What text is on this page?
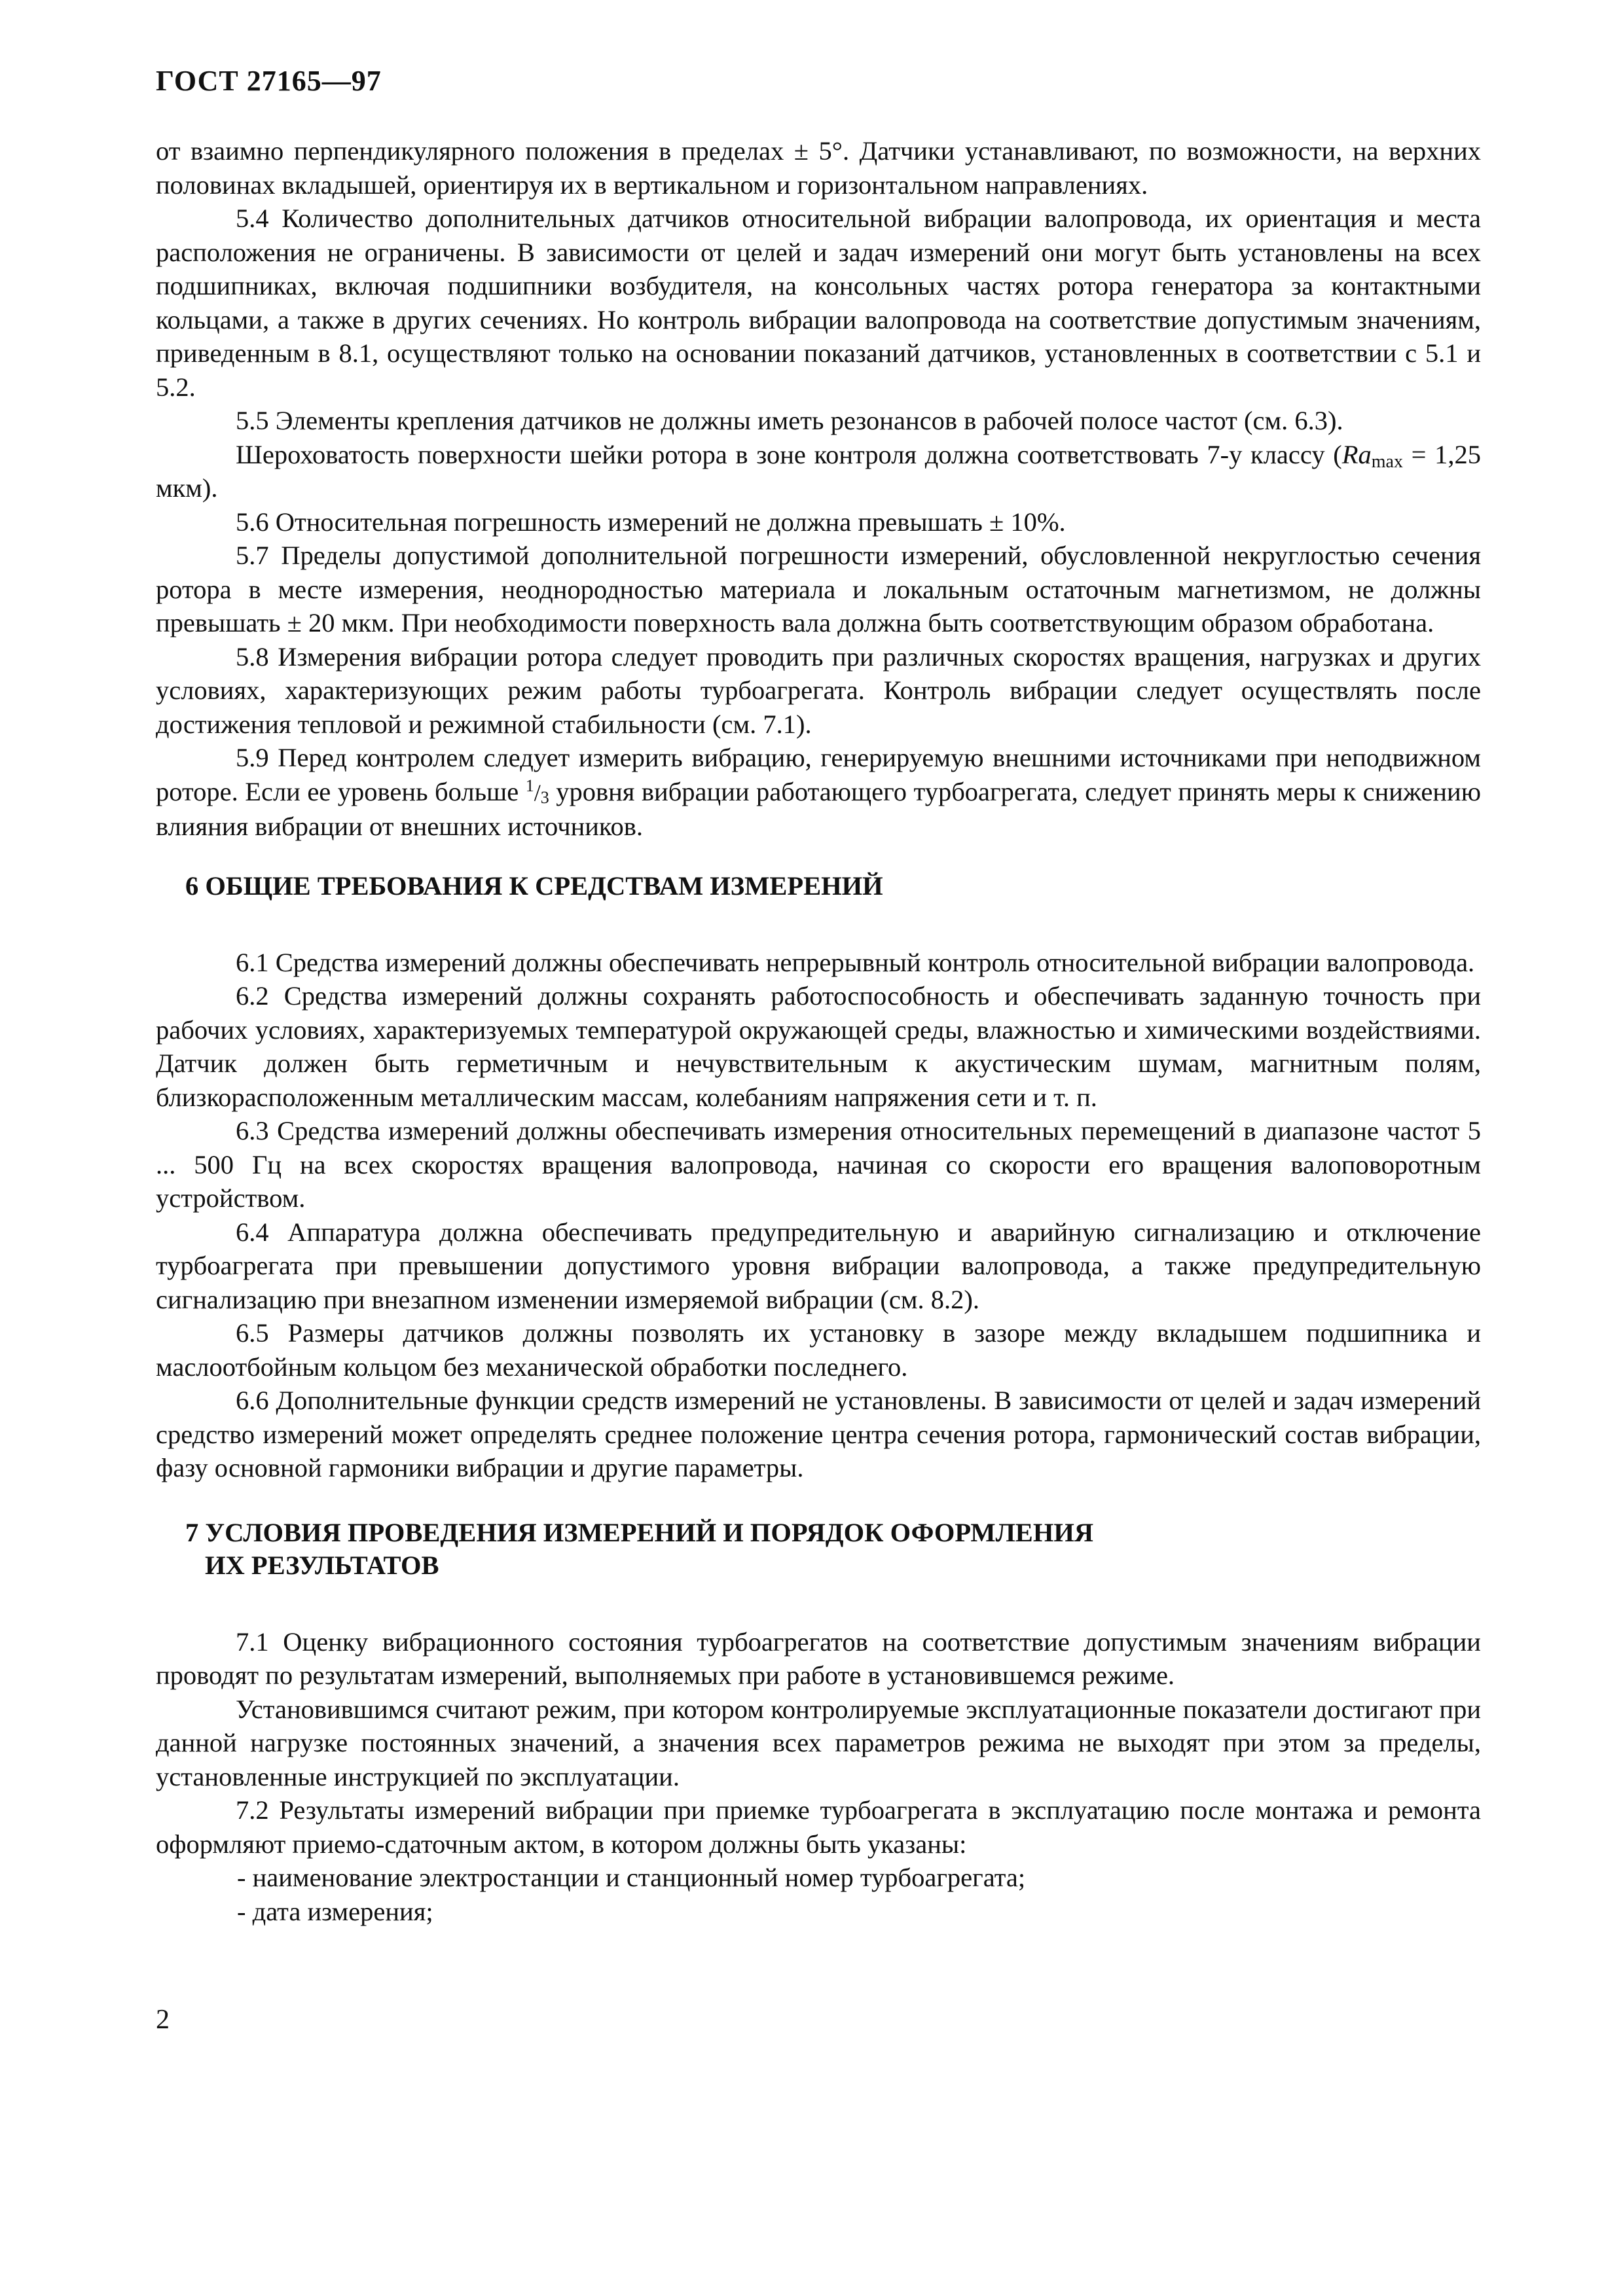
ГОСТ 27165—97

от взаимно перпендикулярного положения в пределах ± 5°. Датчики устанавливают, по возможности, на верхних половинах вкладышей, ориентируя их в вертикальном и горизонтальном направлениях.

5.4 Количество дополнительных датчиков относительной вибрации валопровода, их ориентация и места расположения не ограничены. В зависимости от целей и задач измерений они могут быть установлены на всех подшипниках, включая подшипники возбудителя, на консольных частях ротора генератора за контактными кольцами, а также в других сечениях. Но контроль вибрации валопровода на соответствие допустимым значениям, приведенным в 8.1, осуществляют только на основании показаний датчиков, установленных в соответствии с 5.1 и 5.2.

5.5 Элементы крепления датчиков не должны иметь резонансов в рабочей полосе частот (см. 6.3).

Шероховатость поверхности шейки ротора в зоне контроля должна соответствовать 7-у классу ($Ra_{max} = 1,25$ мкм).

5.6 Относительная погрешность измерений не должна превышать ± 10%.

5.7 Пределы допустимой дополнительной погрешности измерений, обусловленной некруглостью сечения ротора в месте измерения, неоднородностью материала и локальным остаточным магнетизмом, не должны превышать ± 20 мкм. При необходимости поверхность вала должна быть соответствующим образом обработана.

5.8 Измерения вибрации ротора следует проводить при различных скоростях вращения, нагрузках и других условиях, характеризующих режим работы турбоагрегата. Контроль вибрации следует осуществлять после достижения тепловой и режимной стабильности (см. 7.1).

5.9 Перед контролем следует измерить вибрацию, генерируемую внешними источниками при неподвижном роторе. Если ее уровень больше $^1/_3$ уровня вибрации работающего турбоагрегата, следует принять меры к снижению влияния вибрации от внешних источников.

6 ОБЩИЕ ТРЕБОВАНИЯ К СРЕДСТВАМ ИЗМЕРЕНИЙ

6.1 Средства измерений должны обеспечивать непрерывный контроль относительной вибрации валопровода.

6.2 Средства измерений должны сохранять работоспособность и обеспечивать заданную точность при рабочих условиях, характеризуемых температурой окружающей среды, влажностью и химическими воздействиями. Датчик должен быть герметичным и нечувствительным к акустическим шумам, магнитным полям, близкорасположенным металлическим массам, колебаниям напряжения сети и т. п.

6.3 Средства измерений должны обеспечивать измерения относительных перемещений в диапазоне частот 5 ... 500 Гц на всех скоростях вращения валопровода, начиная со скорости его вращения валоповоротным устройством.

6.4 Аппаратура должна обеспечивать предупредительную и аварийную сигнализацию и отключение турбоагрегата при превышении допустимого уровня вибрации валопровода, а также предупредительную сигнализацию при внезапном изменении измеряемой вибрации (см. 8.2).

6.5 Размеры датчиков должны позволять их установку в зазоре между вкладышем подшипника и маслоотбойным кольцом без механической обработки последнего.

6.6 Дополнительные функции средств измерений не установлены. В зависимости от целей и задач измерений средство измерений может определять среднее положение центра сечения ротора, гармонический состав вибрации, фазу основной гармоники вибрации и другие параметры.

7 УСЛОВИЯ ПРОВЕДЕНИЯ ИЗМЕРЕНИЙ И ПОРЯДОК ОФОРМЛЕНИЯ
ИХ РЕЗУЛЬТАТОВ

7.1 Оценку вибрационного состояния турбоагрегатов на соответствие допустимым значениям вибрации проводят по результатам измерений, выполняемых при работе в установившемся режиме.

Установившимся считают режим, при котором контролируемые эксплуатационные показатели достигают при данной нагрузке постоянных значений, а значения всех параметров режима не выходят при этом за пределы, установленные инструкцией по эксплуатации.

7.2 Результаты измерений вибрации при приемке турбоагрегата в эксплуатацию после монтажа и ремонта оформляют приемо-сдаточным актом, в котором должны быть указаны:

- наименование электростанции и станционный номер турбоагрегата;

- дата измерения;

2
